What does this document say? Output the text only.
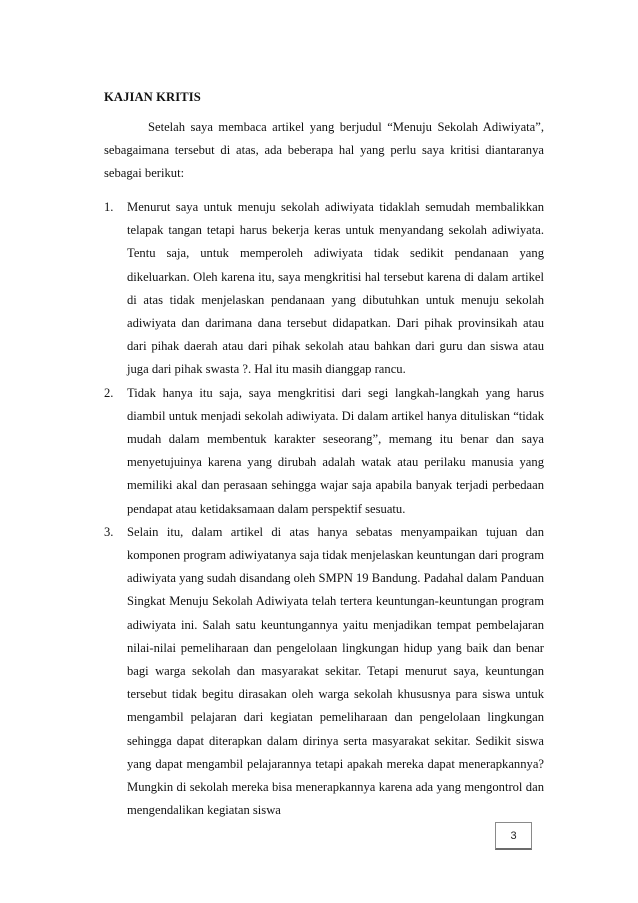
KAJIAN KRITIS
Setelah saya membaca artikel yang berjudul “Menuju Sekolah Adiwiyata”, sebagaimana tersebut di atas, ada beberapa hal yang perlu saya kritisi diantaranya sebagai berikut:
1. Menurut saya untuk menuju sekolah adiwiyata tidaklah semudah membalikkan telapak tangan tetapi harus bekerja keras untuk menyandang sekolah adiwiyata. Tentu saja, untuk memperoleh adiwiyata tidak sedikit pendanaan yang dikeluarkan. Oleh karena itu, saya mengkritisi hal tersebut karena di dalam artikel di atas tidak menjelaskan pendanaan yang dibutuhkan untuk menuju sekolah adiwiyata dan darimana dana tersebut didapatkan. Dari pihak provinsikah atau dari pihak daerah atau dari pihak sekolah atau bahkan dari guru dan siswa atau juga dari pihak swasta ?. Hal itu masih dianggap rancu.
2. Tidak hanya itu saja, saya mengkritisi dari segi langkah-langkah yang harus diambil untuk menjadi sekolah adiwiyata. Di dalam artikel hanya dituliskan “tidak mudah dalam membentuk karakter seseorang”, memang itu benar dan saya menyetujuinya karena yang dirubah adalah watak atau perilaku manusia yang memiliki akal dan perasaan sehingga wajar saja apabila banyak terjadi perbedaan pendapat atau ketidaksamaan dalam perspektif sesuatu.
3. Selain itu, dalam artikel di atas hanya sebatas menyampaikan tujuan dan komponen program adiwiyatanya saja tidak menjelaskan keuntungan dari program adiwiyata yang sudah disandang oleh SMPN 19 Bandung. Padahal dalam Panduan Singkat Menuju Sekolah Adiwiyata telah tertera keuntungan-keuntungan program adiwiyata ini. Salah satu keuntungannya yaitu menjadikan tempat pembelajaran nilai-nilai pemeliharaan dan pengelolaan lingkungan hidup yang baik dan benar bagi warga sekolah dan masyarakat sekitar. Tetapi menurut saya, keuntungan tersebut tidak begitu dirasakan oleh warga sekolah khususnya para siswa untuk mengambil pelajaran dari kegiatan pemeliharaan dan pengelolaan lingkungan sehingga dapat diterapkan dalam dirinya serta masyarakat sekitar. Sedikit siswa yang dapat mengambil pelajarannya tetapi apakah mereka dapat menerapkannya? Mungkin di sekolah mereka bisa menerapkannya karena ada yang mengontrol dan mengendalikan kegiatan siswa
3
